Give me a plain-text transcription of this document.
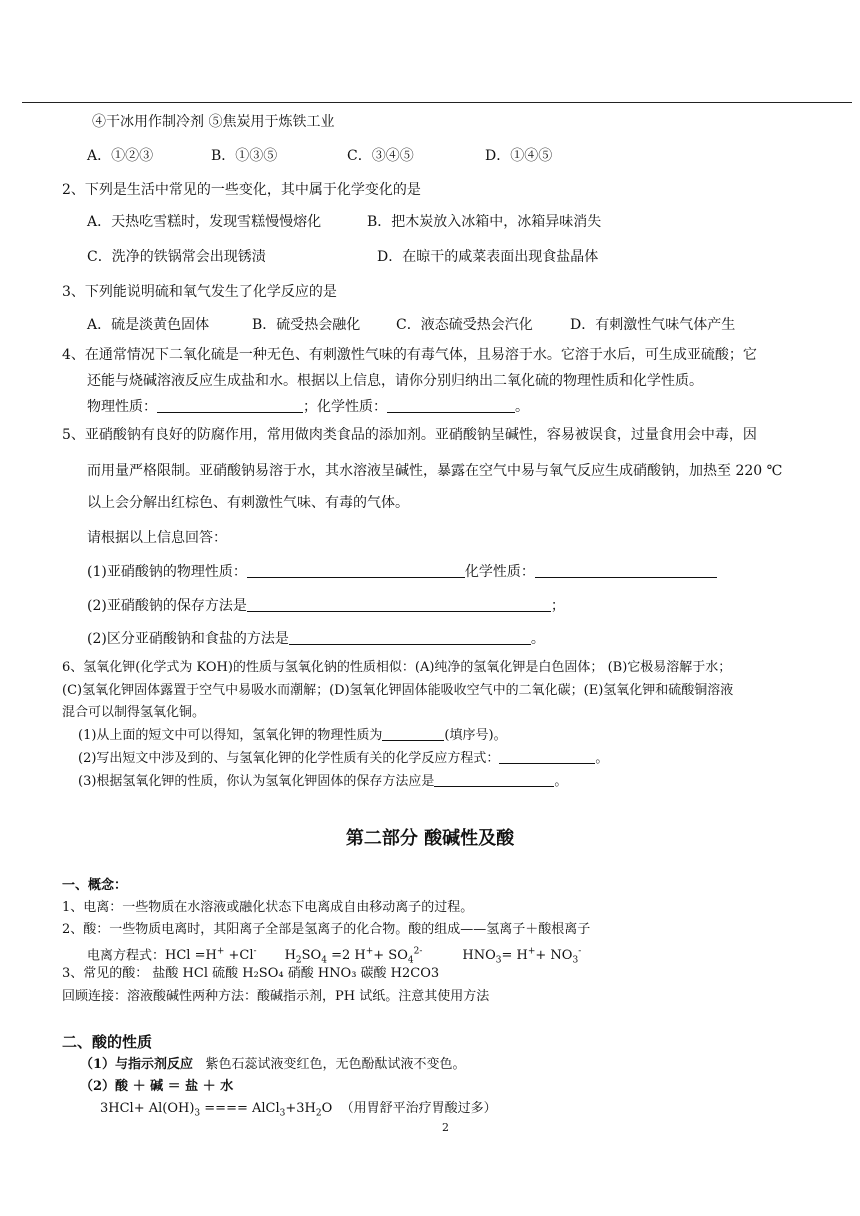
④干冰用作制冷剂 ⑤焦炭用于炼铁工业
A．①②③	B．①③⑤	C．③④⑤	D．①④⑤
2、下列是生活中常见的一些变化，其中属于化学变化的是
A．天热吃雪糕时，发现雪糕慢慢熔化	B．把木炭放入冰箱中，冰箱异味消失
C．洗净的铁锅常会出现锈渍	D．在晾干的咸菜表面出现食盐晶体
3、下列能说明硫和氧气发生了化学反应的是
A．硫是淡黄色固体	B．硫受热会融化	C．液态硫受热会汽化	D．有刺激性气味气体产生
4、在通常情况下二氧化硫是一种无色、有刺激性气味的有毒气体，且易溶于水。它溶于水后，可生成亚硫酸；它
还能与烧碱溶液反应生成盐和水。根据以上信息，请你分别归纳出二氧化硫的物理性质和化学性质。
物理性质：	；化学性质：	。
5、亚硝酸钠有良好的防腐作用，常用做肉类食品的添加剂。亚硝酸钠呈碱性，容易被误食，过量食用会中毒，因
而用量严格限制。亚硝酸钠易溶于水，其水溶液呈碱性，暴露在空气中易与氧气反应生成硝酸钠，加热至 220 ℃
以上会分解出红棕色、有刺激性气味、有毒的气体。
请根据以上信息回答：
(1)亚硝酸钠的物理性质：	化学性质：
(2)亚硝酸钠的保存方法是	；
(2)区分亚硝酸钠和食盐的方法是	。
6、氢氧化钾(化学式为 KOH)的性质与氢氧化钠的性质相似：(A)纯净的氢氧化钾是白色固体； (B)它极易溶解于水；
(C)氢氧化钾固体露置于空气中易吸水而潮解；(D)氢氧化钾固体能吸收空气中的二氧化碳；(E)氢氧化钾和硫酸铜溶液
混合可以制得氢氧化铜。
(1)从上面的短文中可以得知，氢氧化钾的物理性质为	(填序号)。
(2)写出短文中涉及到的、与氢氧化钾的化学性质有关的化学反应方程式：	。
(3)根据氢氧化钾的性质，你认为氢氧化钾固体的保存方法应是	。
第二部分 酸碱性及酸
一、概念：
1、电离：一些物质在水溶液或融化状态下电离成自由移动离子的过程。
2、酸：一些物质电离时，其阳离子全部是氢离子的化合物。酸的组成——氢离子＋酸根离子
电离方程式：HCl =H+ +Cl- $H_2SO_4 =2$ $H^++ SO_4^{2-}$	$HNO_3= H^++ NO_3^-$
3、常见的酸： 盐酸 HCl 硫酸 H₂SO₄ 硝酸 HNO₃ 碳酸 H2CO3
回顾连接：溶液酸碱性两种方法：酸碱指示剂，PH 试纸。注意其使用方法
二、酸的性质
（1）与指示剂反应 紫色石蕊试液变红色，无色酚酞试液不变色。
（2）酸 ＋ 碱 ＝ 盐 ＋ 水
$3HCl+ Al(OH)_3$ ==== $AlCl_3+3H_2O$ （用胃舒平治疗胃酸过多）
2
